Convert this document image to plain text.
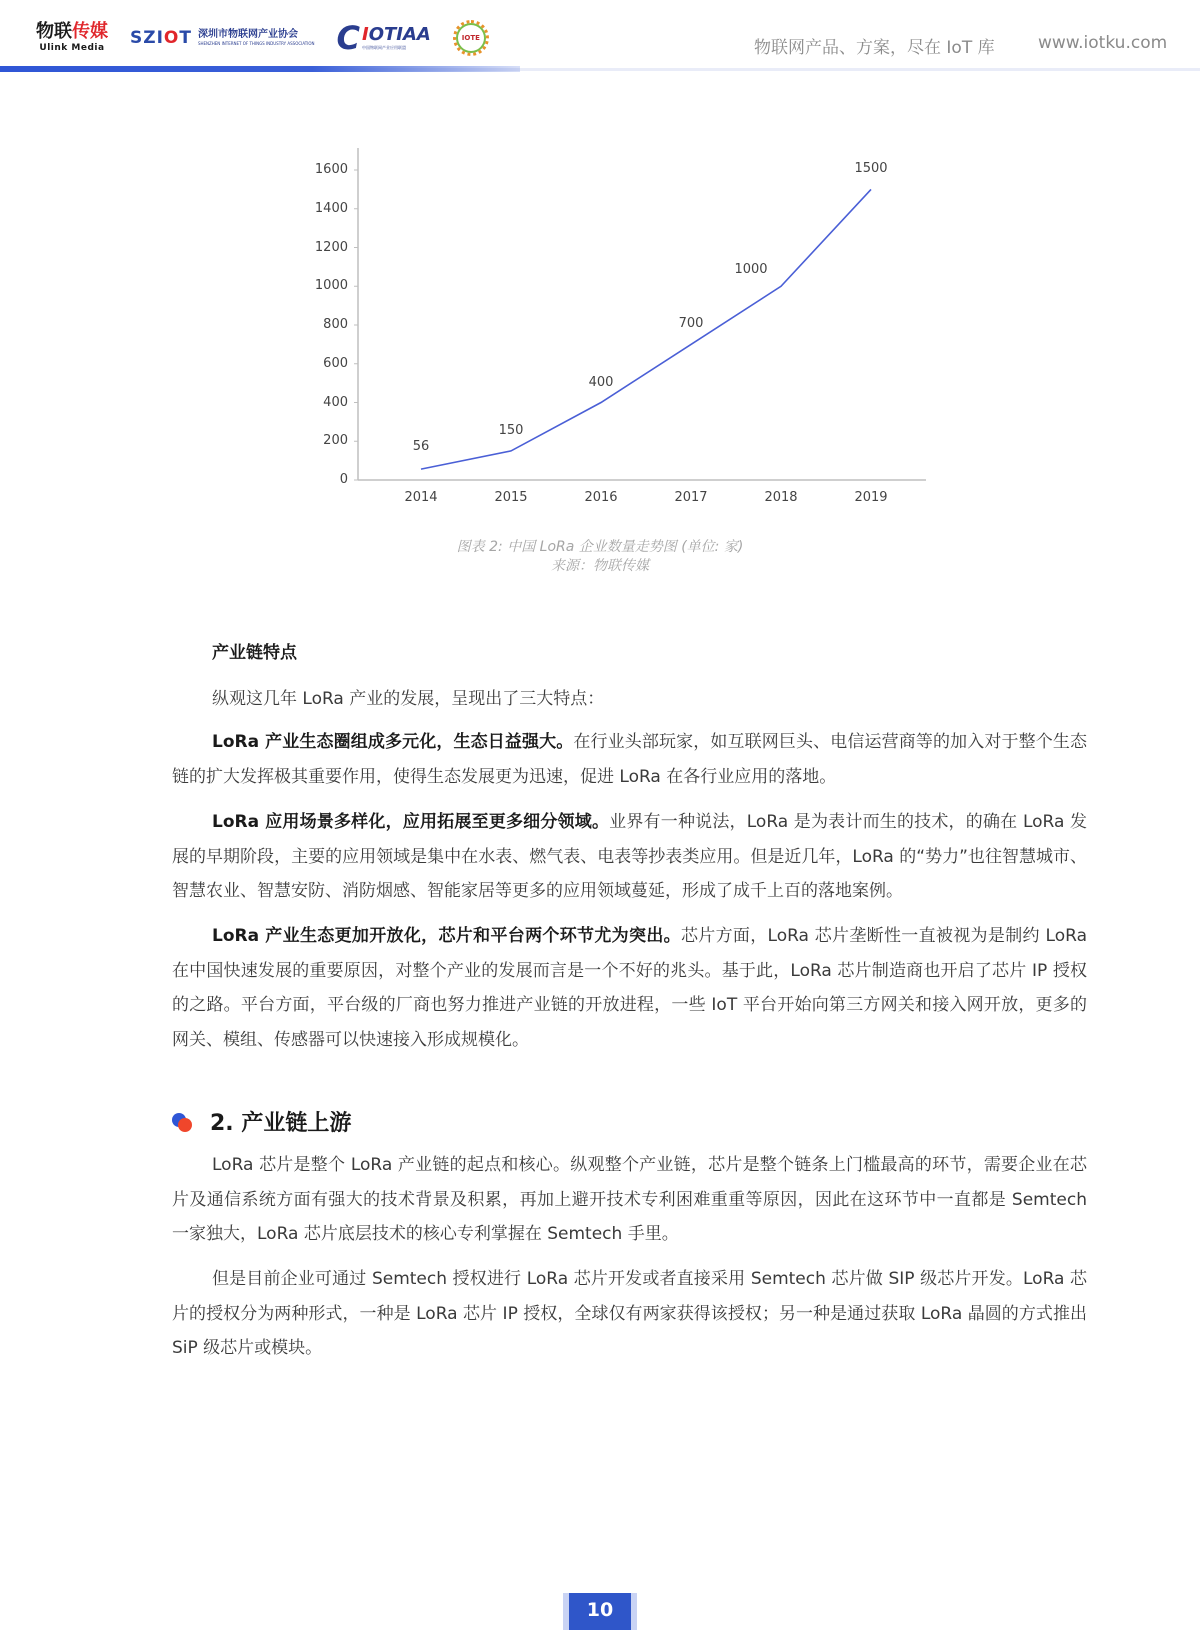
物联传媒
Ulink Media SZIOT 深圳市物联网产业协会
SHENZHEN INTERNET OF THINGS INDUSTRY ASSOCIATION C IOTIAA
中国物联网产业应用联盟
IOTE	物联网产品、方案，尽在 IoT 库	www.iotku.com
0
200
400
600
800
1000
1200
1400
1600
2014	2015	2016	2017	2018	2019
56
150
400
700
1000
1500
图表 2: 中国 LoRa 企业数量走势图 (单位: 家)
来源：物联传媒
产业链特点
纵观这几年 LoRa 产业的发展，呈现出了三大特点：
LoRa 产业生态圈组成多元化，生态日益强大。在行业头部玩家，如互联网巨头、电信运营商等的加入对于整个生态链的扩大发挥极其重要作用，使得生态发展更为迅速，促进 LoRa 在各行业应用的落地。
LoRa 应用场景多样化，应用拓展至更多细分领域。业界有一种说法，LoRa 是为表计而生的技术，的确在 LoRa 发展的早期阶段，主要的应用领域是集中在水表、燃气表、电表等抄表类应用。但是近几年，LoRa 的“势力”也往智慧城市、智慧农业、智慧安防、消防烟感、智能家居等更多的应用领域蔓延，形成了成千上百的落地案例。
LoRa 产业生态更加开放化，芯片和平台两个环节尤为突出。芯片方面，LoRa 芯片垄断性一直被视为是制约 LoRa 在中国快速发展的重要原因，对整个产业的发展而言是一个不好的兆头。基于此，LoRa 芯片制造商也开启了芯片 IP 授权的之路。平台方面，平台级的厂商也努力推进产业链的开放进程，一些 IoT 平台开始向第三方网关和接入网开放，更多的网关、模组、传感器可以快速接入形成规模化。
2. 产业链上游
LoRa 芯片是整个 LoRa 产业链的起点和核心。纵观整个产业链，芯片是整个链条上门槛最高的环节，需要企业在芯片及通信系统方面有强大的技术背景及积累，再加上避开技术专利困难重重等原因，因此在这环节中一直都是 Semtech 一家独大，LoRa 芯片底层技术的核心专利掌握在 Semtech 手里。
但是目前企业可通过 Semtech 授权进行 LoRa 芯片开发或者直接采用 Semtech 芯片做 SIP 级芯片开发。LoRa 芯片的授权分为两种形式，一种是 LoRa 芯片 IP 授权，全球仅有两家获得该授权；另一种是通过获取 LoRa 晶圆的方式推出 SiP 级芯片或模块。
10
